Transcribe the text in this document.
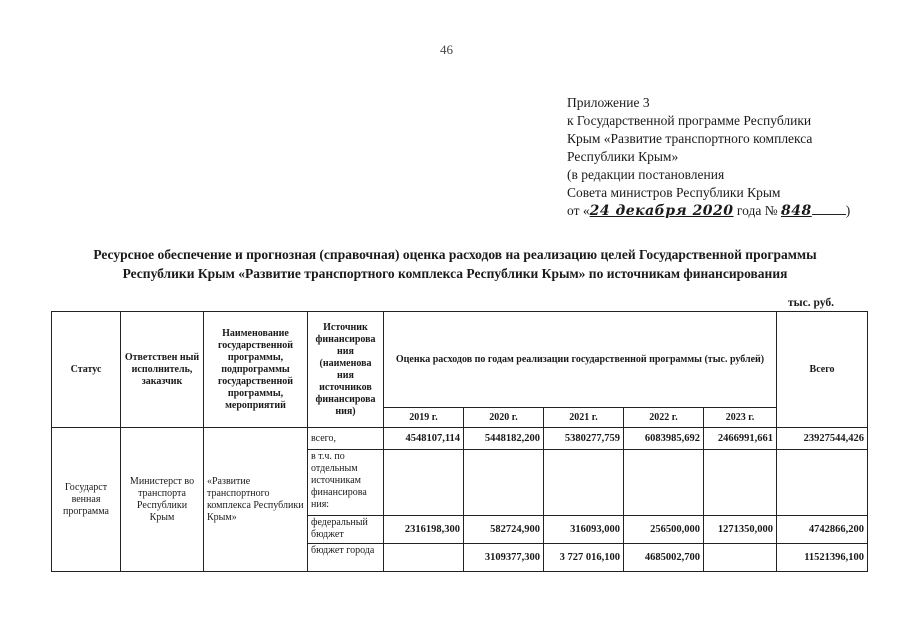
46
Приложение 3
к Государственной программе Республики
Крым «Развитие транспортного комплекса
Республики Крым»
(в редакции постановления
Совета министров Республики Крым
от «24 декабря 2020 года № 848	)
Ресурсное обеспечение и прогнозная (справочная) оценка расходов на реализацию целей Государственной программы
Республики Крым «Развитие транспортного комплекса Республики Крым» по источникам финансирования
тыс. руб.
Статус	Ответствен ный исполнитель, заказчик	Наименование государственной программы, подпрограммы государственной программы, мероприятий	Источник финансирова ния (наименова ния источников финансирова ния)	Оценка расходов по годам реализации государственной программы (тыс. рублей)					Всего
				2019 г.	2020 г.	2021 г.	2022 г.	2023 г.	
Государст венная программа	Министерст во транспорта Республики Крым	«Развитие транспортного комплекса Республики Крым»	всего,	4548107,114	5448182,200	5380277,759	6083985,692	2466991,661	23927544,426
			в т.ч. по отдельным источникам финансирова ния:						
			федеральный бюджет	2316198,300	582724,900	316093,000	256500,000	1271350,000	4742866,200
			бюджет города		3109377,300	3 727 016,100	4685002,700		11521396,100
